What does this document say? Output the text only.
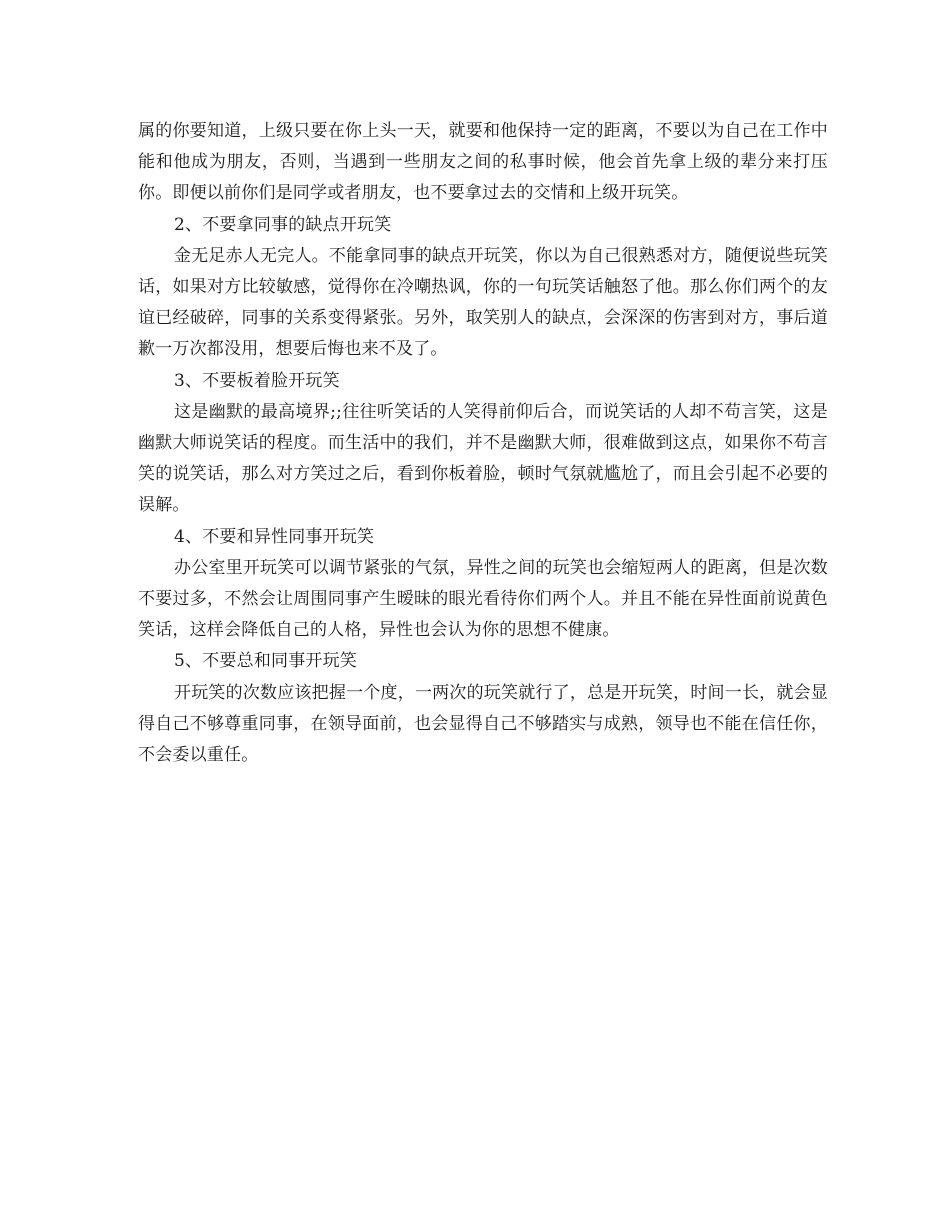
属的你要知道，上级只要在你上头一天，就要和他保持一定的距离，不要以为自己在工作中能和他成为朋友，否则，当遇到一些朋友之间的私事时候，他会首先拿上级的辈分来打压你。即便以前你们是同学或者朋友，也不要拿过去的交情和上级开玩笑。

2、不要拿同事的缺点开玩笑

金无足赤人无完人。不能拿同事的缺点开玩笑，你以为自己很熟悉对方，随便说些玩笑话，如果对方比较敏感，觉得你在冷嘲热讽，你的一句玩笑话触怒了他。那么你们两个的友谊已经破碎，同事的关系变得紧张。另外，取笑别人的缺点，会深深的伤害到对方，事后道歉一万次都没用，想要后悔也来不及了。

3、不要板着脸开玩笑

这是幽默的最高境界;;往往听笑话的人笑得前仰后合，而说笑话的人却不苟言笑，这是幽默大师说笑话的程度。而生活中的我们，并不是幽默大师，很难做到这点，如果你不苟言笑的说笑话，那么对方笑过之后，看到你板着脸，顿时气氛就尴尬了，而且会引起不必要的误解。

4、不要和异性同事开玩笑

办公室里开玩笑可以调节紧张的气氛，异性之间的玩笑也会缩短两人的距离，但是次数不要过多，不然会让周围同事产生暧昧的眼光看待你们两个人。并且不能在异性面前说黄色笑话，这样会降低自己的人格，异性也会认为你的思想不健康。

5、不要总和同事开玩笑

开玩笑的次数应该把握一个度，一两次的玩笑就行了，总是开玩笑，时间一长，就会显得自己不够尊重同事，在领导面前，也会显得自己不够踏实与成熟，领导也不能在信任你，不会委以重任。
